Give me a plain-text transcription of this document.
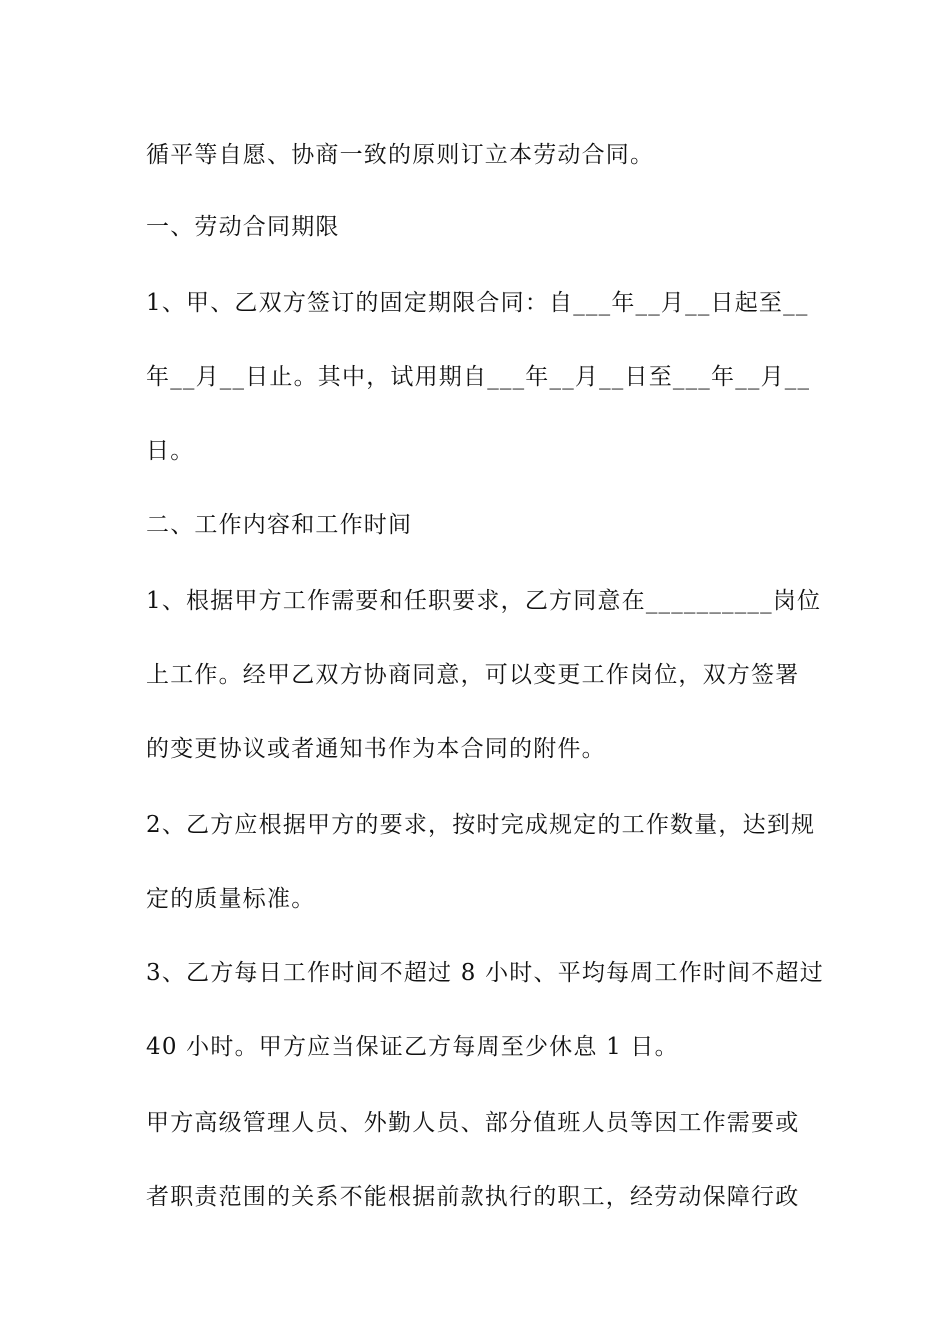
循平等自愿、协商一致的原则订立本劳动合同。
一、劳动合同期限
1、甲、乙双方签订的固定期限合同：自___年__月__日起至__
年__月__日止。其中，试用期自___年__月__日至___年__月__
日。
二、工作内容和工作时间
1、根据甲方工作需要和任职要求，乙方同意在__________岗位
上工作。经甲乙双方协商同意，可以变更工作岗位，双方签署
的变更协议或者通知书作为本合同的附件。
2、乙方应根据甲方的要求，按时完成规定的工作数量，达到规
定的质量标准。
3、乙方每日工作时间不超过 8 小时、平均每周工作时间不超过
40 小时。甲方应当保证乙方每周至少休息 1 日。
甲方高级管理人员、外勤人员、部分值班人员等因工作需要或
者职责范围的关系不能根据前款执行的职工，经劳动保障行政
